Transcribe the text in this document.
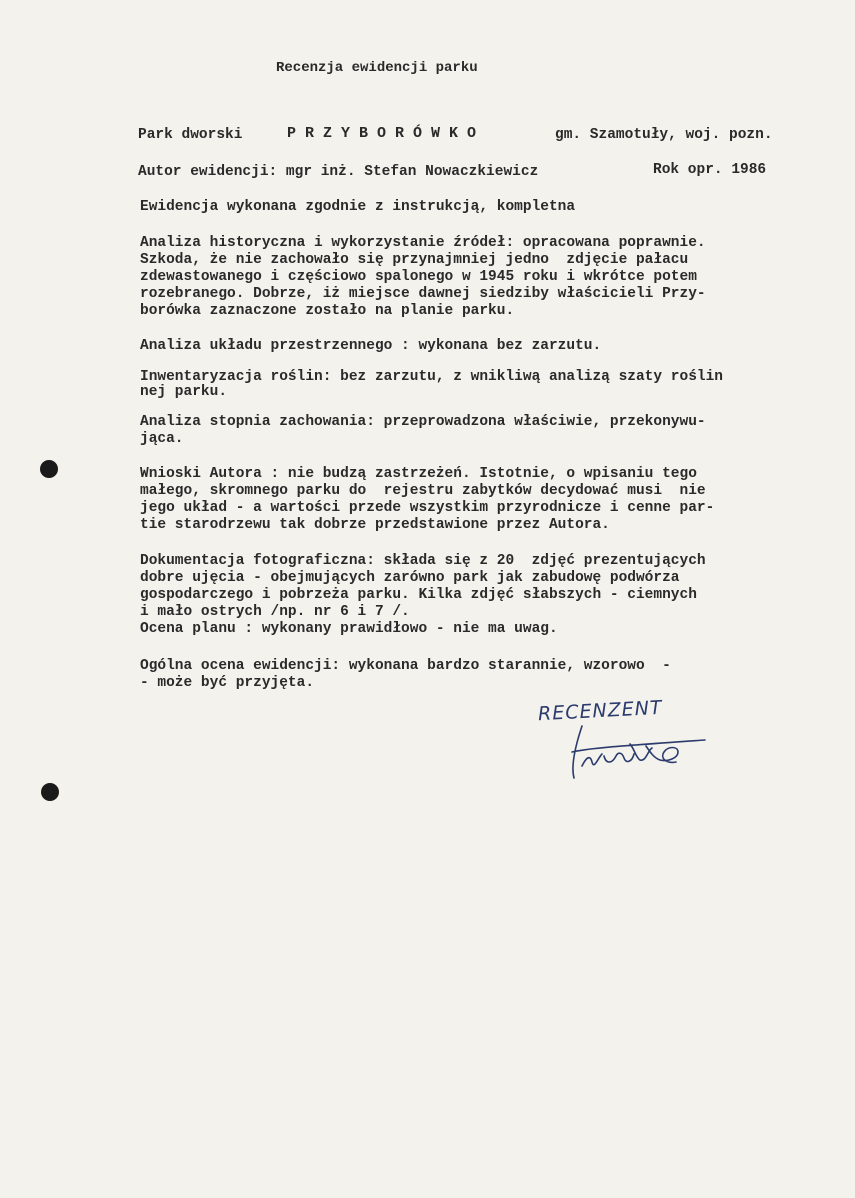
Recenzja ewidencji parku
Park dworski	PRZYBORÓWKO	gm. Szamotuły, woj. pozn.
Autor ewidencji: mgr inż. Stefan Nowaczkiewicz	Rok opr. 1986
Ewidencja wykonana zgodnie z instrukcją, kompletna
Analiza historyczna i wykorzystanie źródeł: opracowana poprawnie.
Szkoda, że nie zachowało się przynajmniej jedno  zdjęcie pałacu
zdewastowanego i częściowo spalonego w 1945 roku i wkrótce potem
rozebranego. Dobrze, iż miejsce dawnej siedziby właścicieli Przy-
borówka zaznaczone zostało na planie parku.
Analiza układu przestrzennego : wykonana bez zarzutu.
Inwentaryzacja roślin: bez zarzutu, z wnikliwą analizą szaty roślin
nej parku.
Analiza stopnia zachowania: przeprowadzona właściwie, przekonywu-
jąca.
Wnioski Autora : nie budzą zastrzeżeń. Istotnie, o wpisaniu tego
małego, skromnego parku do  rejestru zabytków decydować musi  nie
jego układ - a wartości przede wszystkim przyrodnicze i cenne par-
tie starodrzewu tak dobrze przedstawione przez Autora.
Dokumentacja fotograficzna: składa się z 20  zdjęć prezentujących
dobre ujęcia - obejmujących zarówno park jak zabudowę podwórza
gospodarczego i pobrzeża parku. Kilka zdjęć słabszych - ciemnych
i mało ostrych /np. nr 6 i 7 /.
Ocena planu : wykonany prawidłowo - nie ma uwag.
Ogólna ocena ewidencji: wykonana bardzo starannie, wzorowo  -
- może być przyjęta.
RECENZENT
